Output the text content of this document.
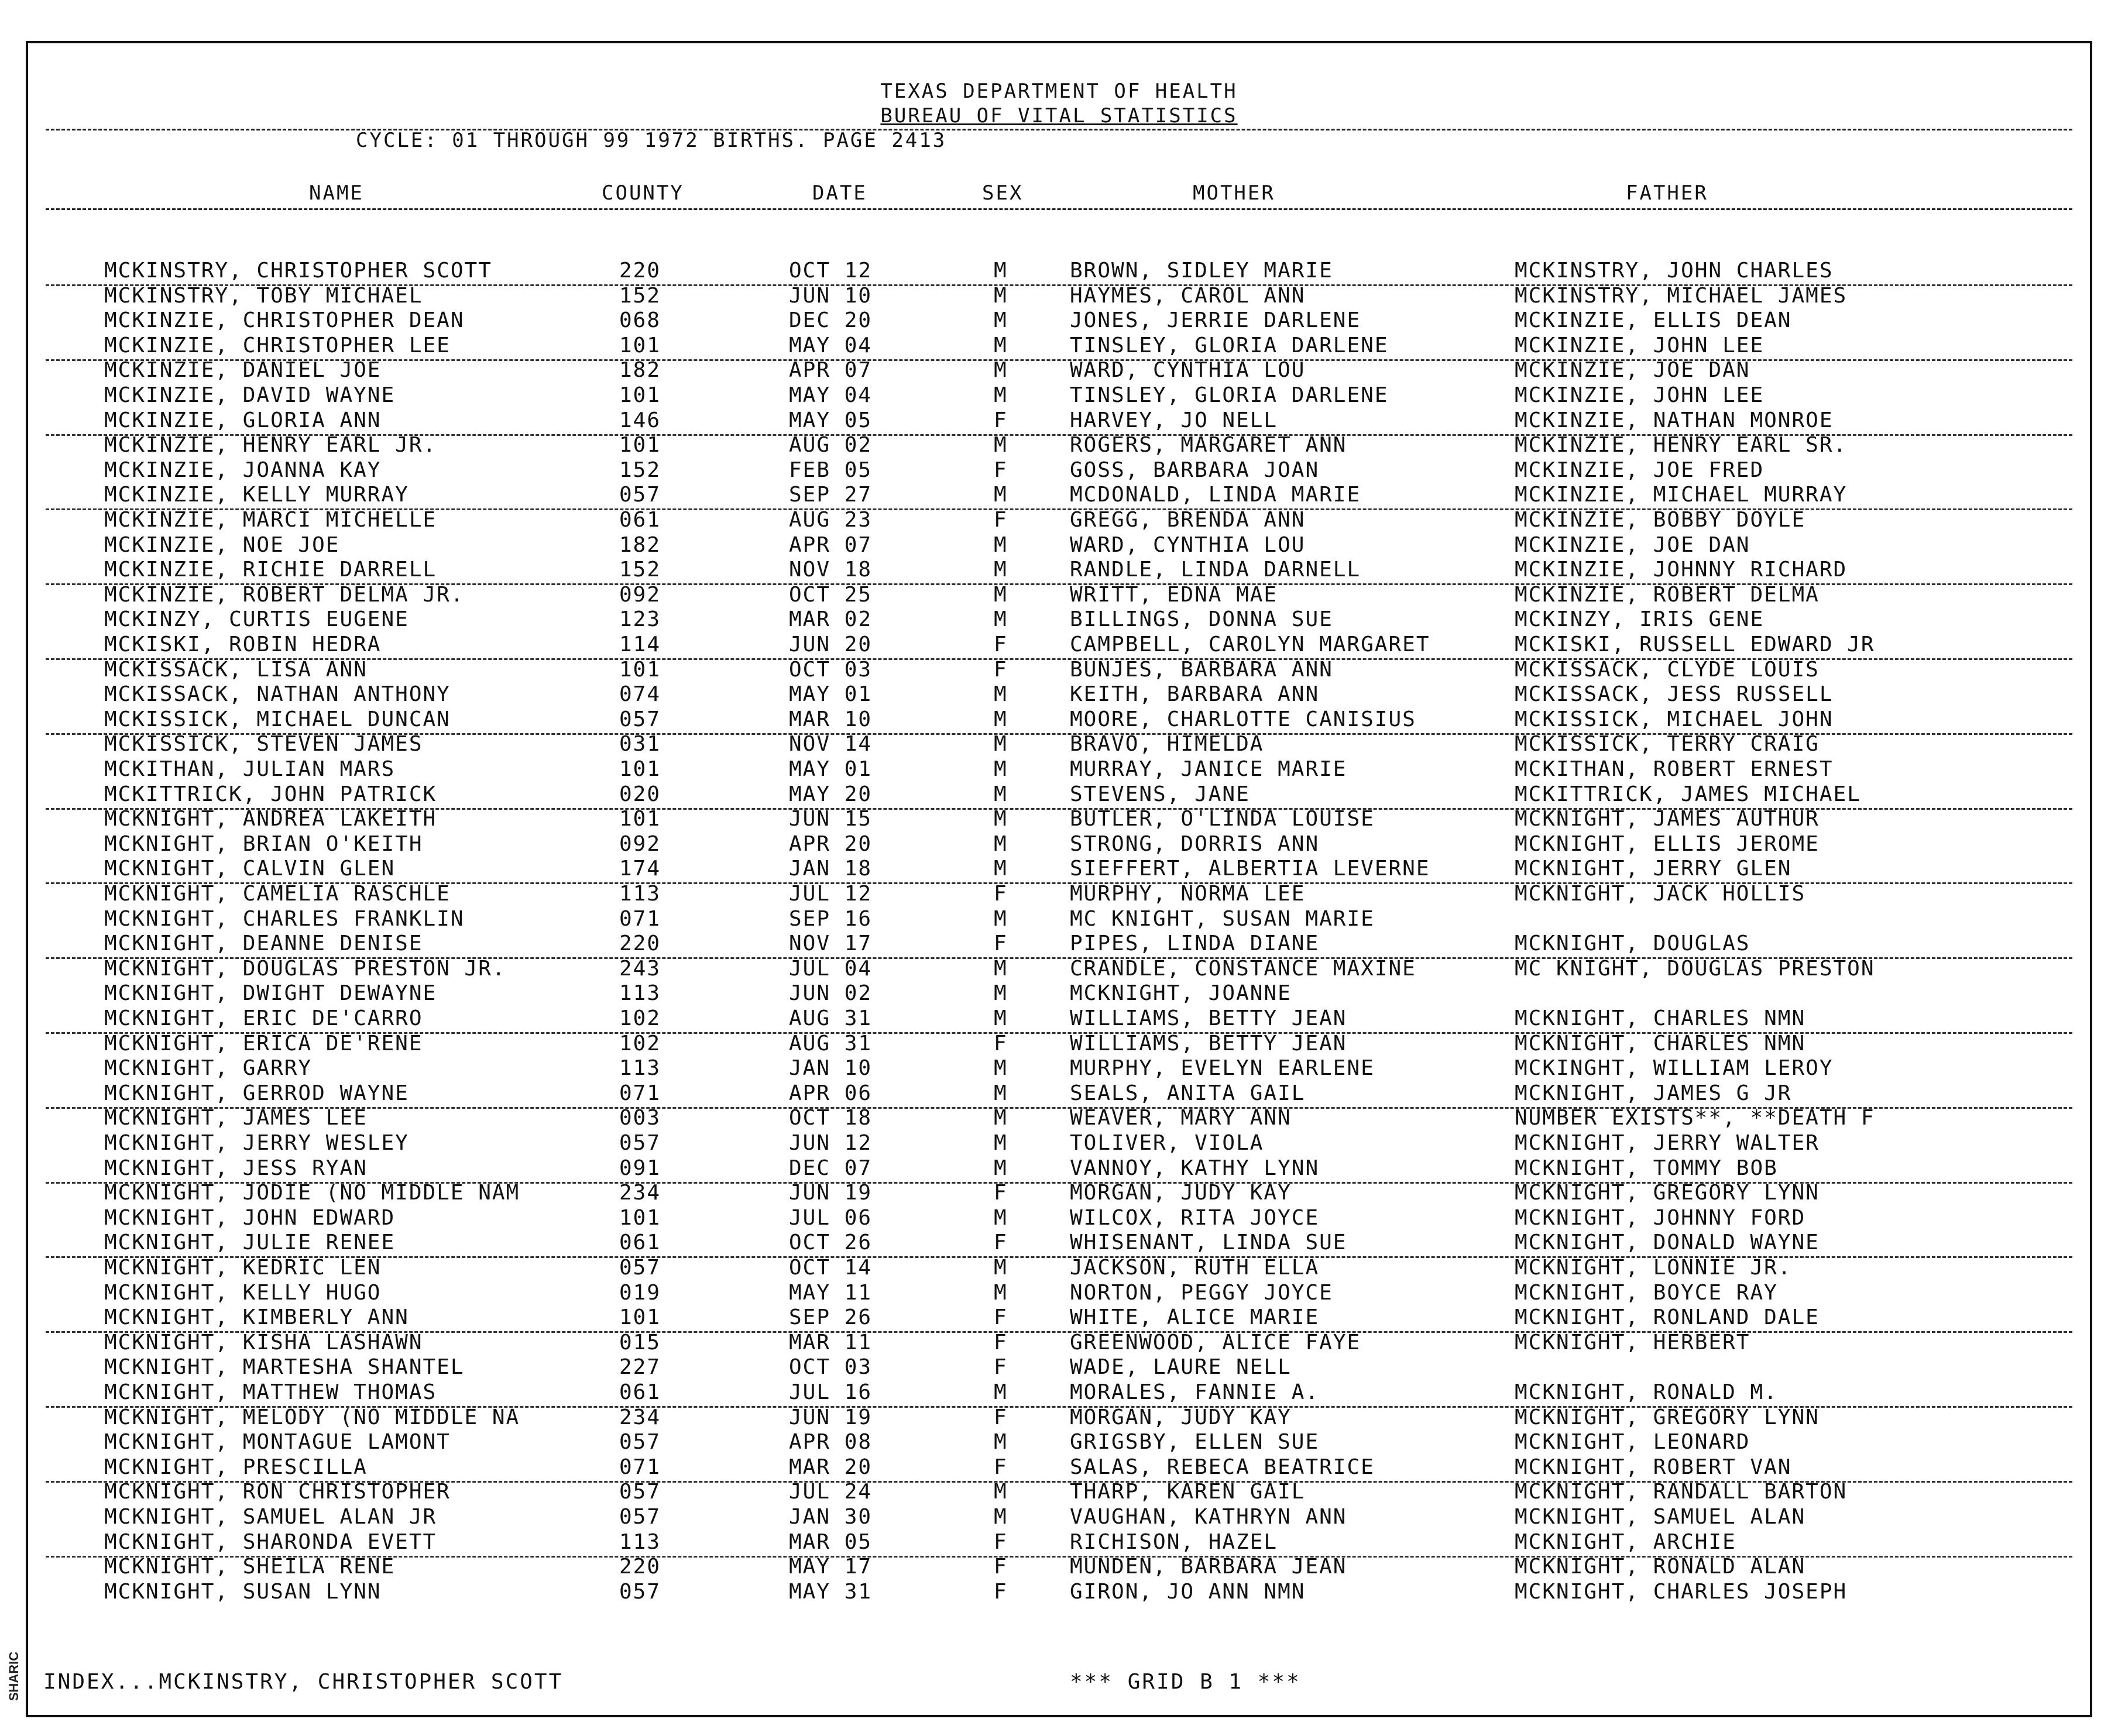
SHARIC
TEXAS DEPARTMENT OF HEALTH
BUREAU OF VITAL STATISTICS
CYCLE: 01 THROUGH 99 1972 BIRTHS. PAGE 2413
NAME	COUNTY	DATE	SEX	MOTHER	FATHER
MCKINSTRY, CHRISTOPHER SCOTT	220	OCT 12	M	BROWN, SIDLEY MARIE	MCKINSTRY, JOHN CHARLES
MCKINSTRY, TOBY MICHAEL	152	JUN 10	M	HAYMES, CAROL ANN	MCKINSTRY, MICHAEL JAMES
MCKINZIE, CHRISTOPHER DEAN	068	DEC 20	M	JONES, JERRIE DARLENE	MCKINZIE, ELLIS DEAN
MCKINZIE, CHRISTOPHER LEE	101	MAY 04	M	TINSLEY, GLORIA DARLENE	MCKINZIE, JOHN LEE
MCKINZIE, DANIEL JOE	182	APR 07	M	WARD, CYNTHIA LOU	MCKINZIE, JOE DAN
MCKINZIE, DAVID WAYNE	101	MAY 04	M	TINSLEY, GLORIA DARLENE	MCKINZIE, JOHN LEE
MCKINZIE, GLORIA ANN	146	MAY 05	F	HARVEY, JO NELL	MCKINZIE, NATHAN MONROE
MCKINZIE, HENRY EARL JR.	101	AUG 02	M	ROGERS, MARGARET ANN	MCKINZIE, HENRY EARL SR.
MCKINZIE, JOANNA KAY	152	FEB 05	F	GOSS, BARBARA JOAN	MCKINZIE, JOE FRED
MCKINZIE, KELLY MURRAY	057	SEP 27	M	MCDONALD, LINDA MARIE	MCKINZIE, MICHAEL MURRAY
MCKINZIE, MARCI MICHELLE	061	AUG 23	F	GREGG, BRENDA ANN	MCKINZIE, BOBBY DOYLE
MCKINZIE, NOE JOE	182	APR 07	M	WARD, CYNTHIA LOU	MCKINZIE, JOE DAN
MCKINZIE, RICHIE DARRELL	152	NOV 18	M	RANDLE, LINDA DARNELL	MCKINZIE, JOHNNY RICHARD
MCKINZIE, ROBERT DELMA JR.	092	OCT 25	M	WRITT, EDNA MAE	MCKINZIE, ROBERT DELMA
MCKINZY, CURTIS EUGENE	123	MAR 02	M	BILLINGS, DONNA SUE	MCKINZY, IRIS GENE
MCKISKI, ROBIN HEDRA	114	JUN 20	F	CAMPBELL, CAROLYN MARGARET	MCKISKI, RUSSELL EDWARD JR
MCKISSACK, LISA ANN	101	OCT 03	F	BUNJES, BARBARA ANN	MCKISSACK, CLYDE LOUIS
MCKISSACK, NATHAN ANTHONY	074	MAY 01	M	KEITH, BARBARA ANN	MCKISSACK, JESS RUSSELL
MCKISSICK, MICHAEL DUNCAN	057	MAR 10	M	MOORE, CHARLOTTE CANISIUS	MCKISSICK, MICHAEL JOHN
MCKISSICK, STEVEN JAMES	031	NOV 14	M	BRAVO, HIMELDA	MCKISSICK, TERRY CRAIG
MCKITHAN, JULIAN MARS	101	MAY 01	M	MURRAY, JANICE MARIE	MCKITHAN, ROBERT ERNEST
MCKITTRICK, JOHN PATRICK	020	MAY 20	M	STEVENS, JANE	MCKITTRICK, JAMES MICHAEL
MCKNIGHT, ANDREA LAKEITH	101	JUN 15	M	BUTLER, O'LINDA LOUISE	MCKNIGHT, JAMES AUTHUR
MCKNIGHT, BRIAN O'KEITH	092	APR 20	M	STRONG, DORRIS ANN	MCKNIGHT, ELLIS JEROME
MCKNIGHT, CALVIN GLEN	174	JAN 18	M	SIEFFERT, ALBERTIA LEVERNE	MCKNIGHT, JERRY GLEN
MCKNIGHT, CAMELIA RASCHLE	113	JUL 12	F	MURPHY, NORMA LEE	MCKNIGHT, JACK HOLLIS
MCKNIGHT, CHARLES FRANKLIN	071	SEP 16	M	MC KNIGHT, SUSAN MARIE
MCKNIGHT, DEANNE DENISE	220	NOV 17	F	PIPES, LINDA DIANE	MCKNIGHT, DOUGLAS
MCKNIGHT, DOUGLAS PRESTON JR.	243	JUL 04	M	CRANDLE, CONSTANCE MAXINE	MC KNIGHT, DOUGLAS PRESTON
MCKNIGHT, DWIGHT DEWAYNE	113	JUN 02	M	MCKNIGHT, JOANNE
MCKNIGHT, ERIC DE'CARRO	102	AUG 31	M	WILLIAMS, BETTY JEAN	MCKNIGHT, CHARLES NMN
MCKNIGHT, ERICA DE'RENE	102	AUG 31	F	WILLIAMS, BETTY JEAN	MCKNIGHT, CHARLES NMN
MCKNIGHT, GARRY	113	JAN 10	M	MURPHY, EVELYN EARLENE	MCKINGHT, WILLIAM LEROY
MCKNIGHT, GERROD WAYNE	071	APR 06	M	SEALS, ANITA GAIL	MCKNIGHT, JAMES G JR
MCKNIGHT, JAMES LEE	003	OCT 18	M	WEAVER, MARY ANN	NUMBER EXISTS**, **DEATH F
MCKNIGHT, JERRY WESLEY	057	JUN 12	M	TOLIVER, VIOLA	MCKNIGHT, JERRY WALTER
MCKNIGHT, JESS RYAN	091	DEC 07	M	VANNOY, KATHY LYNN	MCKNIGHT, TOMMY BOB
MCKNIGHT, JODIE (NO MIDDLE NAM	234	JUN 19	F	MORGAN, JUDY KAY	MCKNIGHT, GREGORY LYNN
MCKNIGHT, JOHN EDWARD	101	JUL 06	M	WILCOX, RITA JOYCE	MCKNIGHT, JOHNNY FORD
MCKNIGHT, JULIE RENEE	061	OCT 26	F	WHISENANT, LINDA SUE	MCKNIGHT, DONALD WAYNE
MCKNIGHT, KEDRIC LEN	057	OCT 14	M	JACKSON, RUTH ELLA	MCKNIGHT, LONNIE JR.
MCKNIGHT, KELLY HUGO	019	MAY 11	M	NORTON, PEGGY JOYCE	MCKNIGHT, BOYCE RAY
MCKNIGHT, KIMBERLY ANN	101	SEP 26	F	WHITE, ALICE MARIE	MCKNIGHT, RONLAND DALE
MCKNIGHT, KISHA LASHAWN	015	MAR 11	F	GREENWOOD, ALICE FAYE	MCKNIGHT, HERBERT
MCKNIGHT, MARTESHA SHANTEL	227	OCT 03	F	WADE, LAURE NELL
MCKNIGHT, MATTHEW THOMAS	061	JUL 16	M	MORALES, FANNIE A.	MCKNIGHT, RONALD M.
MCKNIGHT, MELODY (NO MIDDLE NA	234	JUN 19	F	MORGAN, JUDY KAY	MCKNIGHT, GREGORY LYNN
MCKNIGHT, MONTAGUE LAMONT	057	APR 08	M	GRIGSBY, ELLEN SUE	MCKNIGHT, LEONARD
MCKNIGHT, PRESCILLA	071	MAR 20	F	SALAS, REBECA BEATRICE	MCKNIGHT, ROBERT VAN
MCKNIGHT, RON CHRISTOPHER	057	JUL 24	M	THARP, KAREN GAIL	MCKNIGHT, RANDALL BARTON
MCKNIGHT, SAMUEL ALAN JR	057	JAN 30	M	VAUGHAN, KATHRYN ANN	MCKNIGHT, SAMUEL ALAN
MCKNIGHT, SHARONDA EVETT	113	MAR 05	F	RICHISON, HAZEL	MCKNIGHT, ARCHIE
MCKNIGHT, SHEILA RENE	220	MAY 17	F	MUNDEN, BARBARA JEAN	MCKNIGHT, RONALD ALAN
MCKNIGHT, SUSAN LYNN	057	MAY 31	F	GIRON, JO ANN NMN	MCKNIGHT, CHARLES JOSEPH
INDEX...MCKINSTRY, CHRISTOPHER SCOTT	*** GRID B 1 ***
